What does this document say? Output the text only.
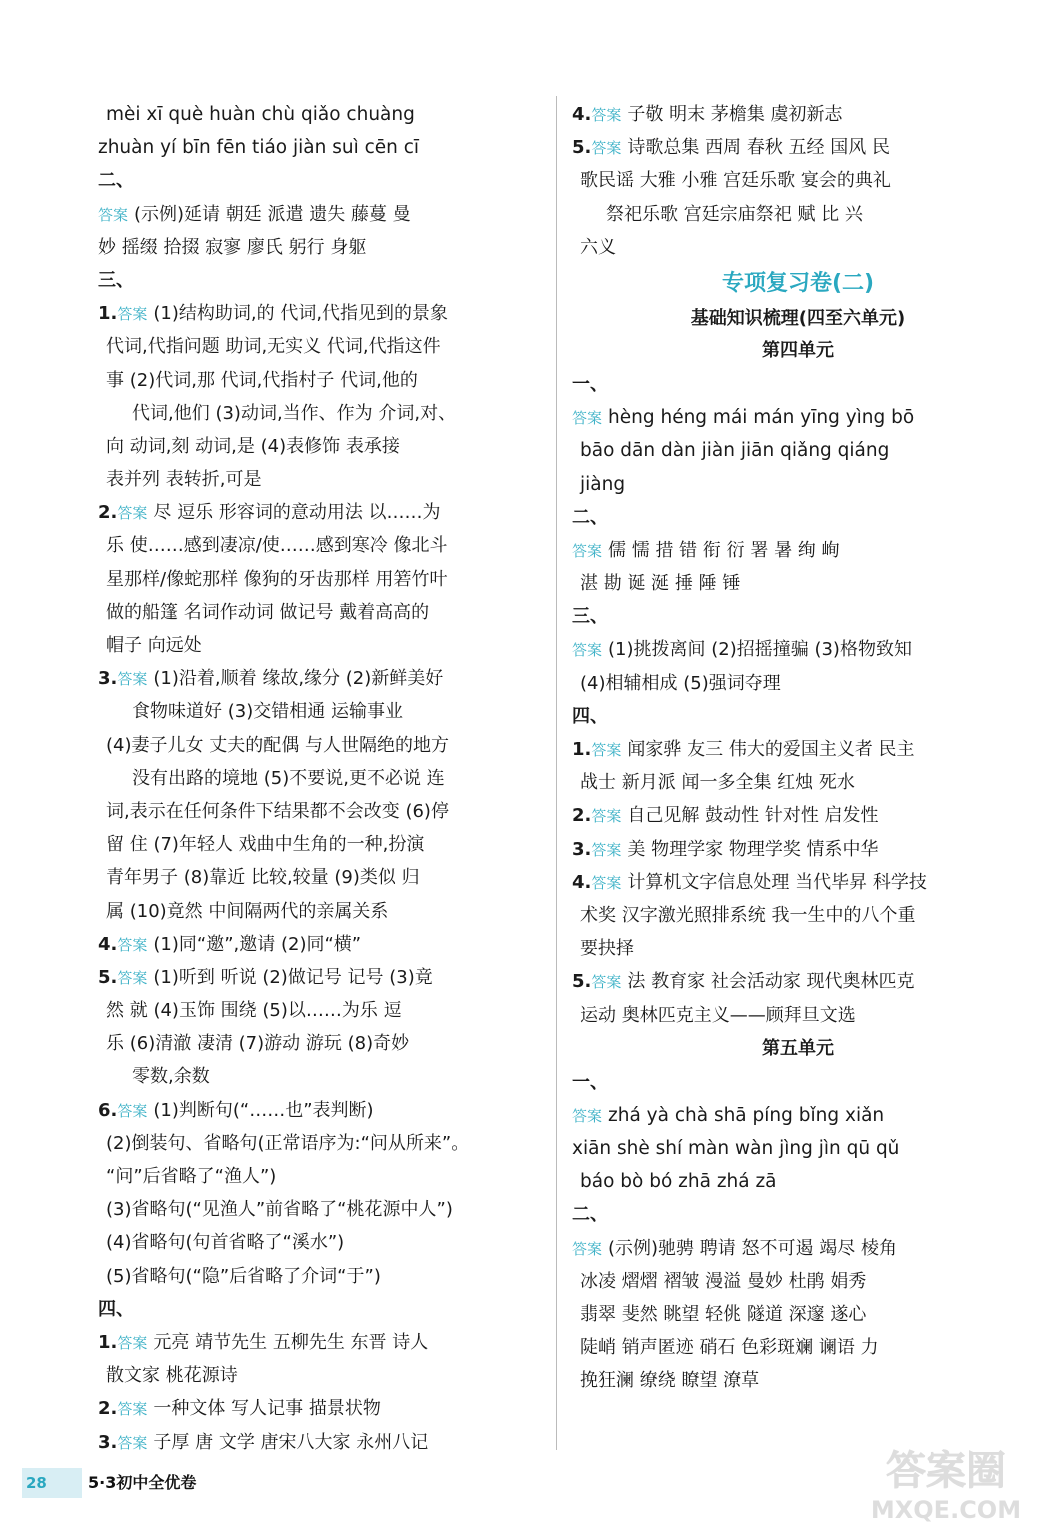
mèi xī què huàn chù qiǎo chuàng
zhuàn yí bīn fēn tiáo jiàn suì cēn cī
二、
答案 (示例)延请 朝廷 派遣 遗失 藤蔓 曼
妙 摇缀 拾掇 寂寥 廖氏 躬行 身躯
三、
1.答案 (1)结构助词,的 代词,代指见到的景象
代词,代指问题 助词,无实义 代词,代指这件
事 (2)代词,那 代词,代指村子 代词,他的
代词,他们 (3)动词,当作、作为 介词,对、
向 动词,刻 动词,是 (4)表修饰 表承接
表并列 表转折,可是
2.答案 尽 逗乐 形容词的意动用法 以……为
乐 使……感到凄凉/使……感到寒冷 像北斗
星那样/像蛇那样 像狗的牙齿那样 用箬竹叶
做的船篷 名词作动词 做记号 戴着高高的
帽子 向远处
3.答案 (1)沿着,顺着 缘故,缘分 (2)新鲜美好
食物味道好 (3)交错相通 运输事业
(4)妻子儿女 丈夫的配偶 与人世隔绝的地方
没有出路的境地 (5)不要说,更不必说 连
词,表示在任何条件下结果都不会改变 (6)停
留 住 (7)年轻人 戏曲中生角的一种,扮演
青年男子 (8)靠近 比较,较量 (9)类似 归
属 (10)竟然 中间隔两代的亲属关系
4.答案 (1)同“邀”,邀请 (2)同“横”
5.答案 (1)听到 听说 (2)做记号 记号 (3)竟
然 就 (4)玉饰 围绕 (5)以……为乐 逗
乐 (6)清澈 凄清 (7)游动 游玩 (8)奇妙
零数,余数
6.答案 (1)判断句(“……也”表判断)
(2)倒装句、省略句(正常语序为:“问从所来”。
“问”后省略了“渔人”)
(3)省略句(“见渔人”前省略了“桃花源中人”)
(4)省略句(句首省略了“溪水”)
(5)省略句(“隐”后省略了介词“于”)
四、
1.答案 元亮 靖节先生 五柳先生 东晋 诗人
散文家 桃花源诗
2.答案 一种文体 写人记事 描景状物
3.答案 子厚 唐 文学 唐宋八大家 永州八记
4.答案 子敬 明末 茅檐集 虞初新志
5.答案 诗歌总集 西周 春秋 五经 国风 民
歌民谣 大雅 小雅 宫廷乐歌 宴会的典礼
祭祀乐歌 宫廷宗庙祭祀 赋 比 兴
六义
专项复习卷(二)
基础知识梳理(四至六单元)
第四单元
一、
答案 hèng héng mái mán yīng yìng bō
bāo dān dàn jiàn jiān qiǎng qiáng
jiàng
二、
答案 儒 懦 措 错 衔 衍 署 暑 绚 峋
湛 勘 诞 涎 捶 陲 锤
三、
答案 (1)挑拨离间 (2)招摇撞骗 (3)格物致知
(4)相辅相成 (5)强词夺理
四、
1.答案 闻家骅 友三 伟大的爱国主义者 民主
战士 新月派 闻一多全集 红烛 死水
2.答案 自己见解 鼓动性 针对性 启发性
3.答案 美 物理学家 物理学奖 情系中华
4.答案 计算机文字信息处理 当代毕昇 科学技
术奖 汉字激光照排系统 我一生中的八个重
要抉择
5.答案 法 教育家 社会活动家 现代奥林匹克
运动 奥林匹克主义——顾拜旦文选
第五单元
一、
答案 zhá yà chà shā píng bǐng xiǎn
xiān shè shí màn wàn jìng jìn qū qǔ
báo bò bó zhā zhá zā
二、
答案 (示例)驰骋 聘请 怒不可遏 竭尽 棱角
冰凌 熠熠 褶皱 漫溢 曼妙 杜鹃 娟秀
翡翠 斐然 眺望 轻佻 隧道 深邃 遂心
陡峭 销声匿迹 硝石 色彩斑斓 谰语 力
挽狂澜 缭绕 瞭望 潦草
28	5·3初中全优卷	答案圈
MXQE.COM
